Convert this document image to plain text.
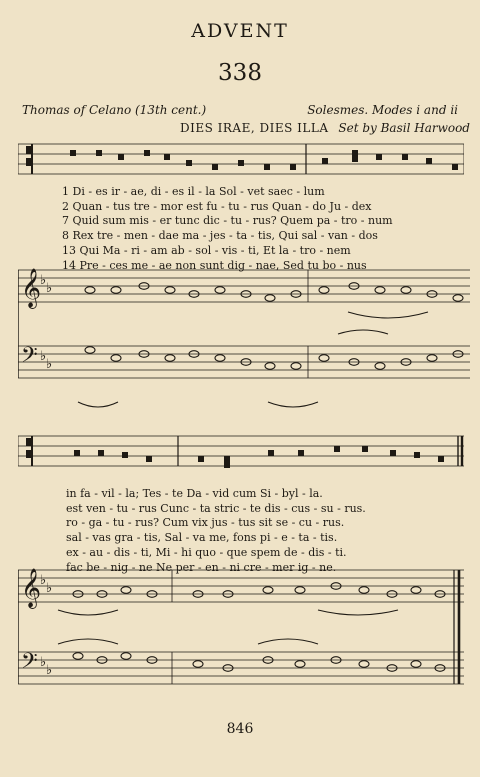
ADVENT
338
Thomas of Celano (13th cent.)	Solesmes. Modes i and ii
DIES IRAE, DIES ILLA Set by Basil Harwood
1 Di - es ir - ae, di - es il - la Sol - vet saec - lum
2 Quan - tus tre - mor est fu - tu - rus Quan - do Ju - dex
7 Quid sum mis - er tunc dic - tu - rus? Quem pa - tro - num
8 Rex tre - men - dae ma - jes - ta - tis, Qui sal - van - dos
13 Qui Ma - ri - am ab - sol - vis - ti, Et la - tro - nem
14 Pre - ces me - ae non sunt dig - nae, Sed tu bo - nus
𝄞
𝄢
♭
♭
♭
♭
in fa - vil - la; Tes - te Da - vid cum Si - byl - la.
est ven - tu - rus Cunc - ta stric - te dis - cus - su - rus.
ro - ga - tu - rus? Cum vix jus - tus sit se - cu - rus.
sal - vas gra - tis, Sal - va me, fons pi - e - ta - tis.
ex - au - dis - ti, Mi - hi quo - que spem de - dis - ti.
fac be - nig - ne Ne per - en - ni cre - mer ig - ne.
𝄞
𝄢
♭
♭
♭
♭
846
